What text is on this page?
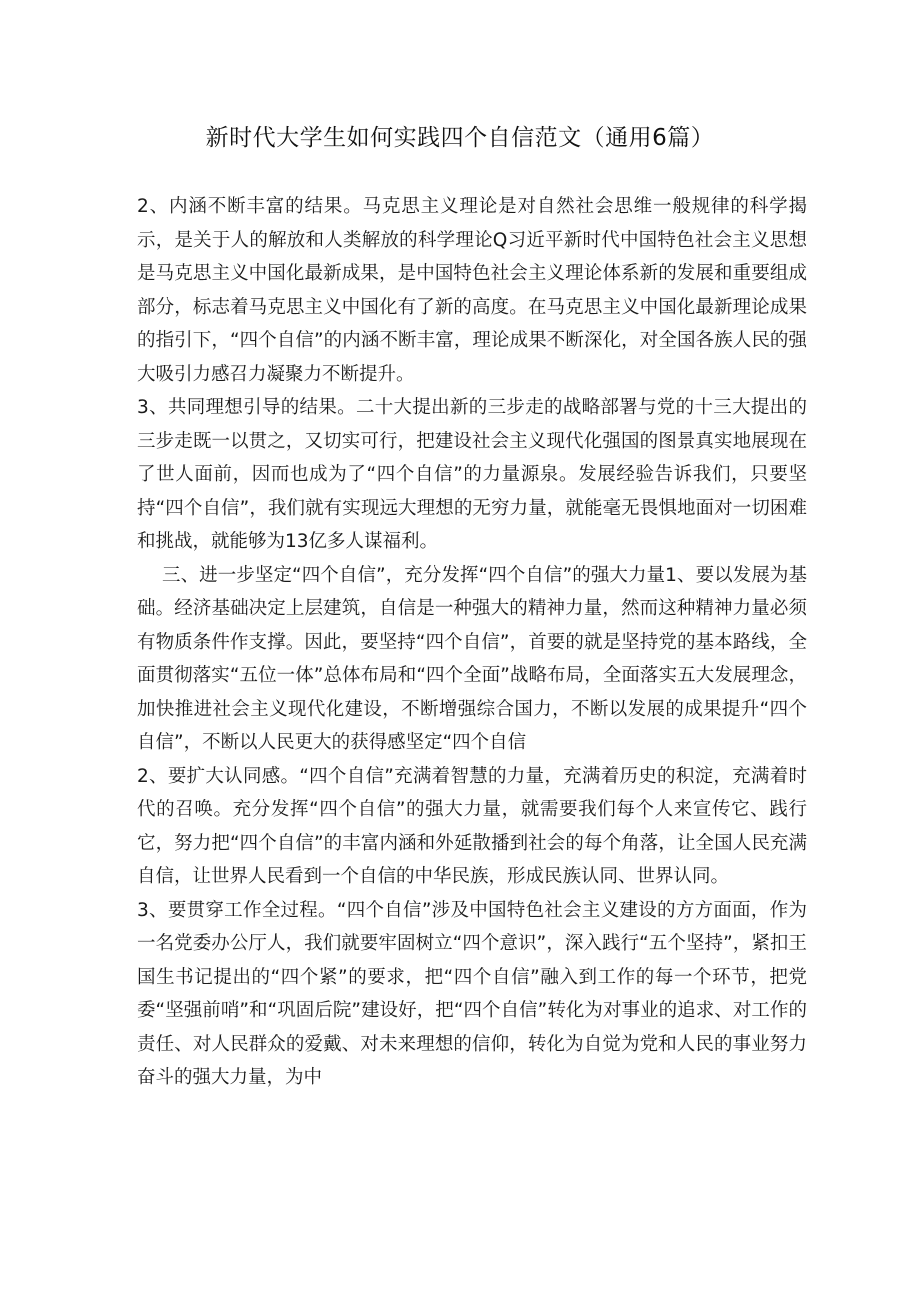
新时代大学生如何实践四个自信范文（通用6篇）

2、内涵不断丰富的结果。马克思主义理论是对自然社会思维一般规律的科学揭示，是关于人的解放和人类解放的科学理论Q习近平新时代中国特色社会主义思想是马克思主义中国化最新成果，是中国特色社会主义理论体系新的发展和重要组成部分，标志着马克思主义中国化有了新的高度。在马克思主义中国化最新理论成果的指引下，“四个自信”的内涵不断丰富，理论成果不断深化，对全国各族人民的强大吸引力感召力凝聚力不断提升。

3、共同理想引导的结果。二十大提出新的三步走的战略部署与党的十三大提出的三步走既一以贯之，又切实可行，把建设社会主义现代化强国的图景真实地展现在了世人面前，因而也成为了“四个自信”的力量源泉。发展经验告诉我们，只要坚持“四个自信”，我们就有实现远大理想的无穷力量，就能毫无畏惧地面对一切困难和挑战，就能够为13亿多人谋福利。

三、进一步坚定“四个自信”，充分发挥“四个自信”的强大力量1、要以发展为基础。经济基础决定上层建筑，自信是一种强大的精神力量，然而这种精神力量必须有物质条件作支撑。因此，要坚持“四个自信”，首要的就是坚持党的基本路线，全面贯彻落实“五位一体”总体布局和“四个全面”战略布局，全面落实五大发展理念，加快推进社会主义现代化建设，不断增强综合国力，不断以发展的成果提升“四个自信”，不断以人民更大的获得感坚定“四个自信

2、要扩大认同感。“四个自信”充满着智慧的力量，充满着历史的积淀，充满着时代的召唤。充分发挥“四个自信”的强大力量，就需要我们每个人来宣传它、践行它，努力把“四个自信”的丰富内涵和外延散播到社会的每个角落，让全国人民充满自信，让世界人民看到一个自信的中华民族，形成民族认同、世界认同。

3、要贯穿工作全过程。“四个自信”涉及中国特色社会主义建设的方方面面，作为一名党委办公厅人，我们就要牢固树立“四个意识”，深入践行“五个坚持”，紧扣王国生书记提出的“四个紧”的要求，把“四个自信”融入到工作的每一个环节，把党委“坚强前哨”和“巩固后院”建设好，把“四个自信”转化为对事业的追求、对工作的责任、对人民群众的爱戴、对未来理想的信仰，转化为自觉为党和人民的事业努力奋斗的强大力量，为中
